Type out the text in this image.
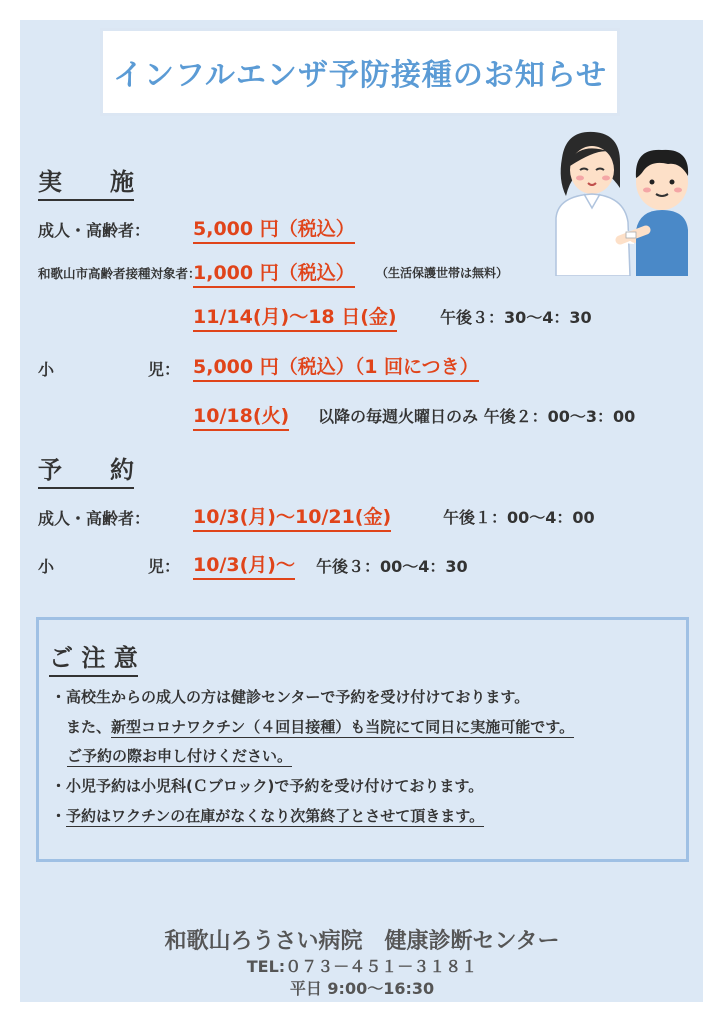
インフルエンザ予防接種のお知らせ
実　　施
成人・高齢者： 5,000 円（税込）
和歌山市高齢者接種対象者：
1,000 円（税込） （生活保護世帯は無料）
11/14(月)～18 日(金)	午後３：30～4：30
小	児： 5,000 円（税込）（1 回につき）
10/18(火) 以降の毎週火曜日のみ 午後２：00～3：00
予　　約
成人・高齢者： 10/3(月)～10/21(金)	午後１：00～4：00
小	児： 10/3(月)～ 午後３：00～4：30
ご 注 意
・高校生からの成人の方は健診センターで予約を受け付けております。
　また、新型コロナワクチン（４回目接種）も当院にて同日に実施可能です。
ご予約の際お申し付けください。
・小児予約は小児科(Ｃブロック)で予約を受け付けております。
・予約はワクチンの在庫がなくなり次第終了とさせて頂きます。
和歌山ろうさい病院　健康診断センター
TEL:０７３－４５１－３１８１
平日 9:00～16:30
